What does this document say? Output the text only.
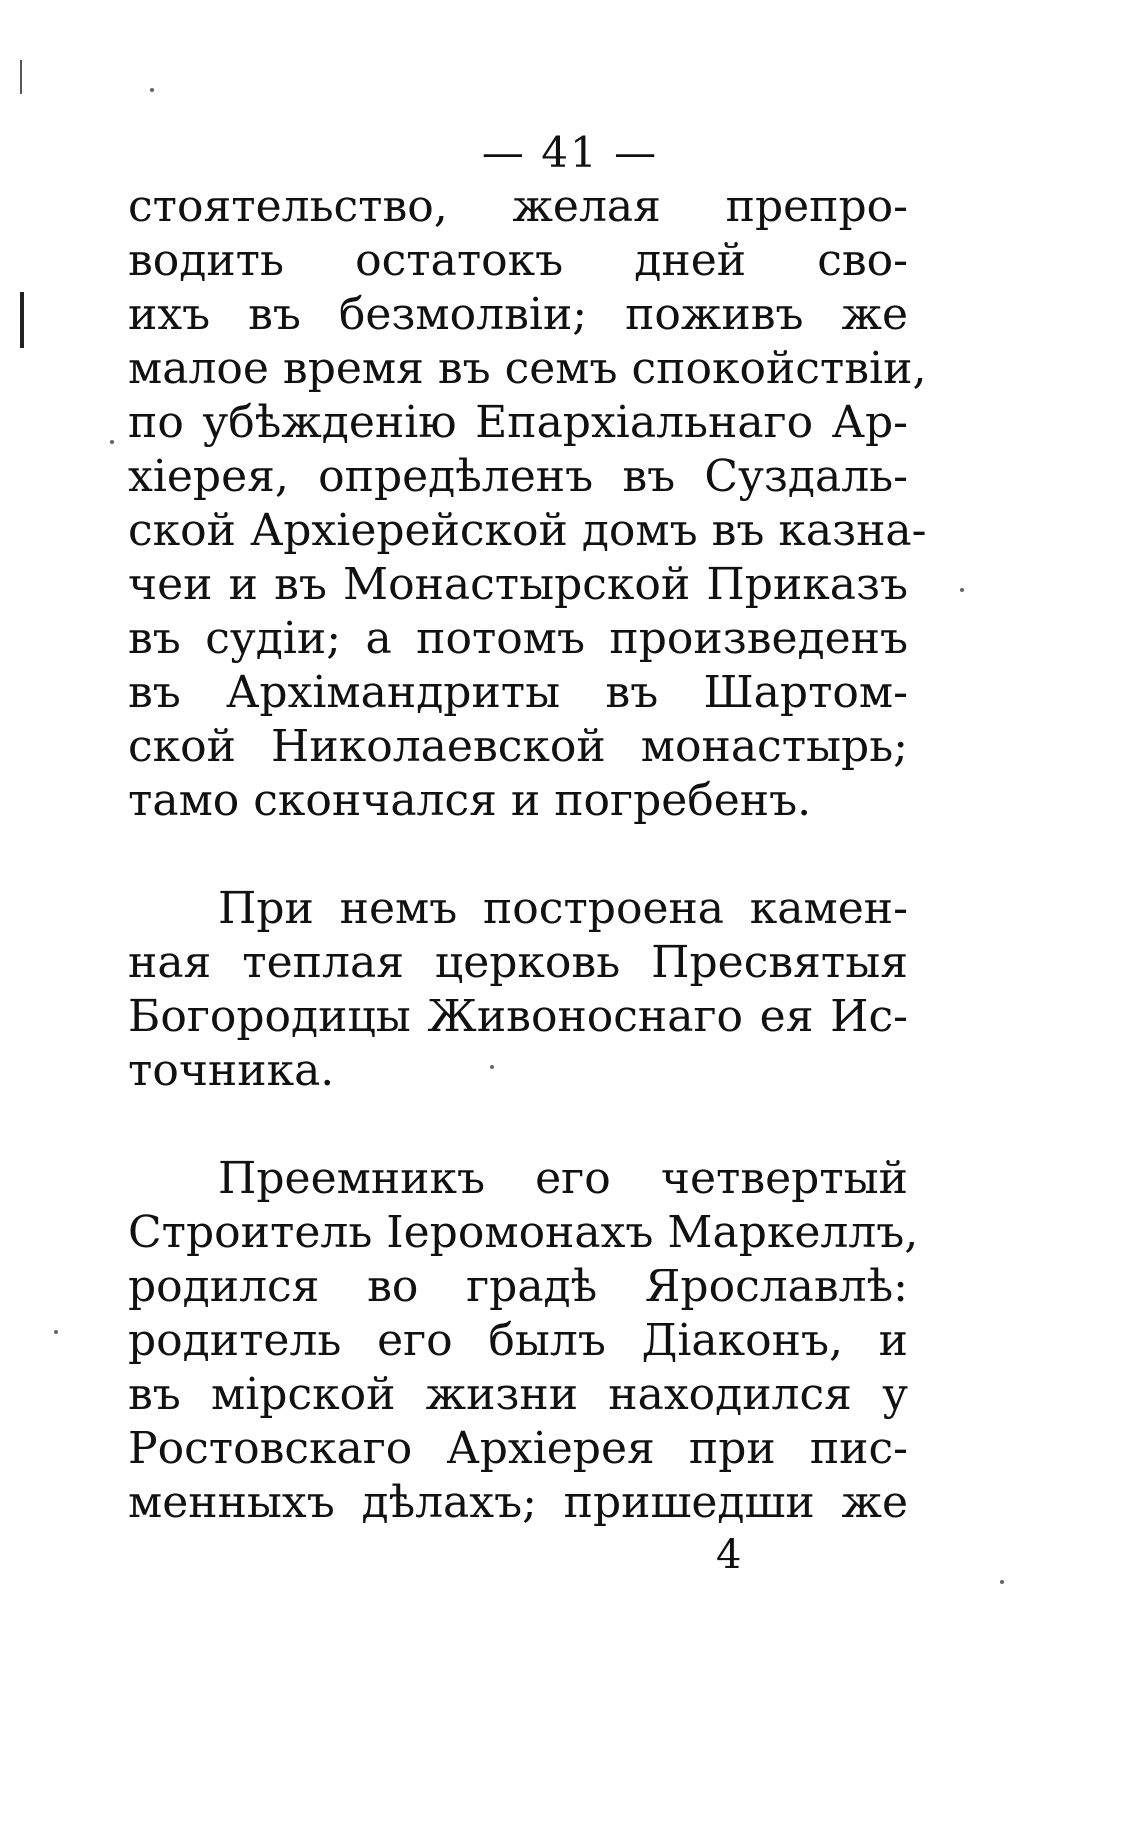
— 41 —
стоятельство, желая препро-
водить остатокъ дней сво-
ихъ въ безмолвіи; поживъ же
малое время въ семъ спокойствіи,
по убѣжденію Епархіальнаго Ар-
хіерея, опредѣленъ въ Суздаль-
ской Архіерейской домъ въ казна-
чеи и въ Монастырской Приказъ
въ судіи; а потомъ произведенъ
въ Архімандриты въ Шартом-
ской Николаевской монастырь;
тамо скончался и погребенъ.
При немъ построена камен-
ная теплая церковь Пресвятыя
Богородицы Живоноснаго ея Ис-
точника.
Преемникъ его четвертый
Строитель Іеромонахъ Маркеллъ,
родился во градѣ Ярославлѣ:
родитель его былъ Діаконъ, и
въ мірской жизни находился у
Ростовскаго Архіерея при пис-
менныхъ дѣлахъ; пришедши же
4
